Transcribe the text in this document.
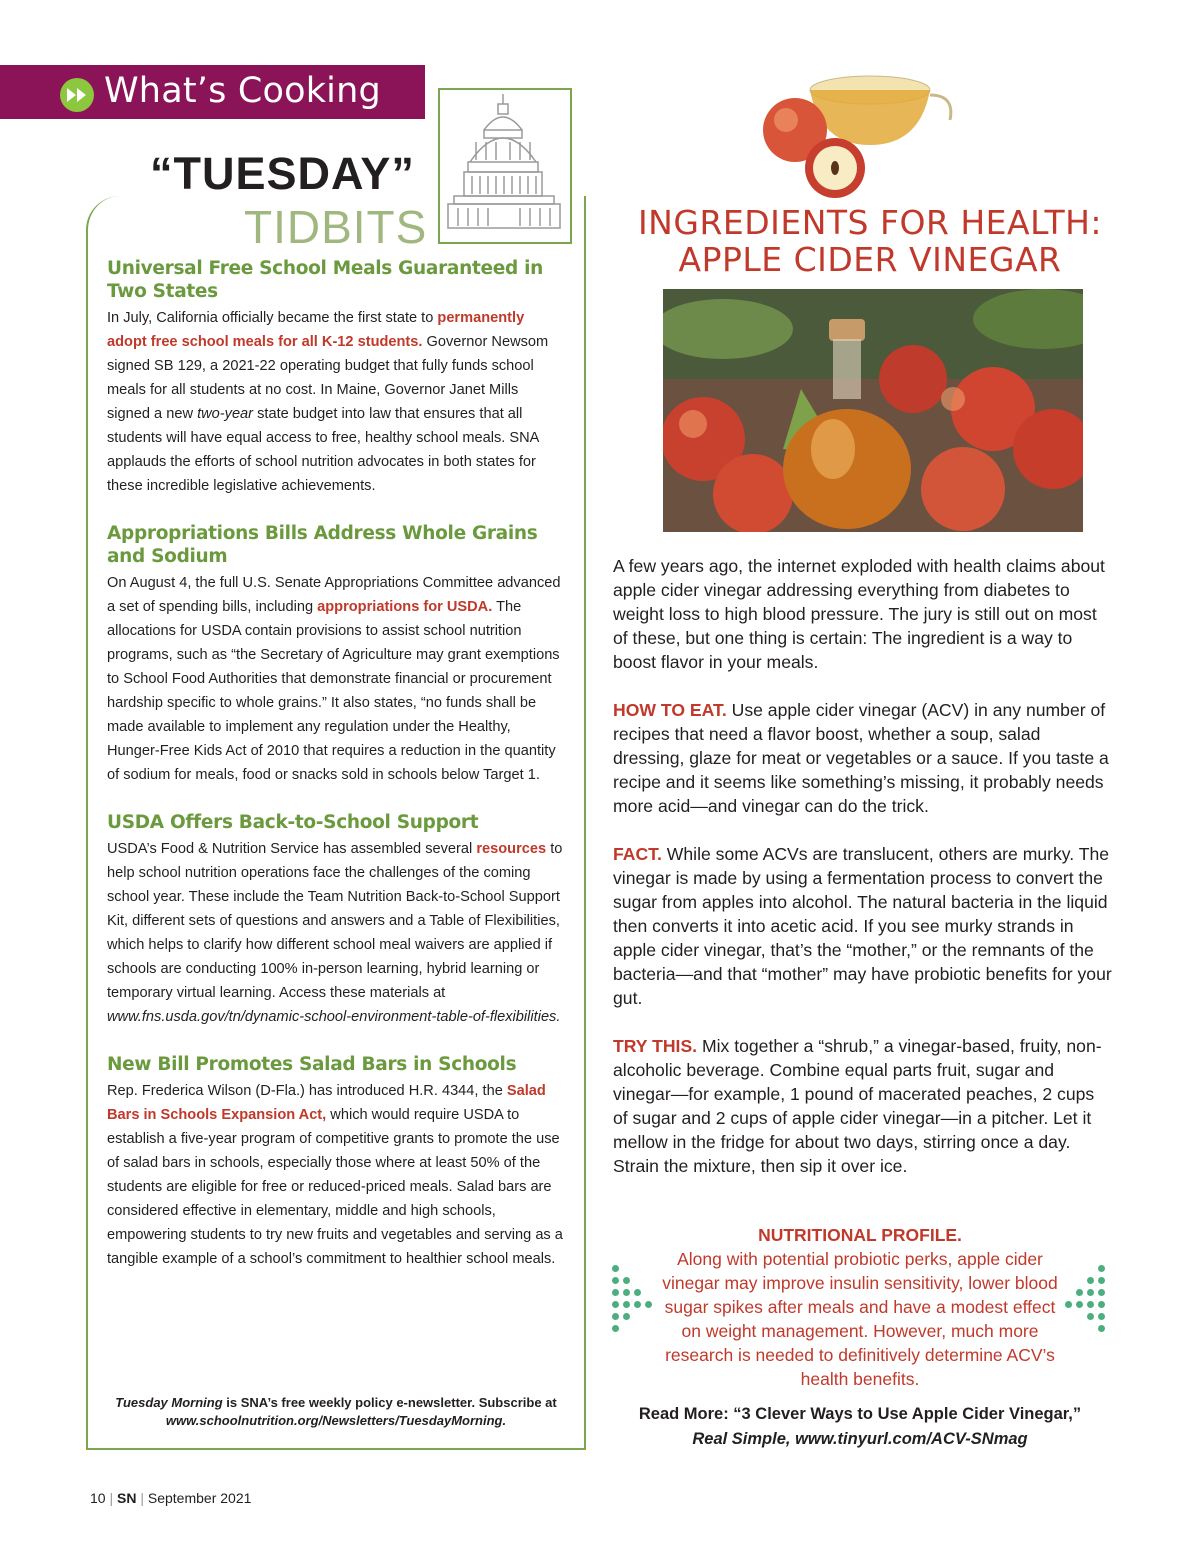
What’s Cooking
“TUESDAY”
TIDBITS
Universal Free School Meals Guaranteed in Two States

In July, California officially became the first state to permanently adopt free school meals for all K-12 students. Governor Newsom signed SB 129, a 2021-22 operating budget that fully funds school meals for all students at no cost. In Maine, Governor Janet Mills signed a new two-year state budget into law that ensures that all students will have equal access to free, healthy school meals. SNA applauds the efforts of school nutrition advocates in both states for these incredible legislative achievements.

Appropriations Bills Address Whole Grains and Sodium

On August 4, the full U.S. Senate Appropriations Committee advanced a set of spending bills, including appropriations for USDA. The allocations for USDA contain provisions to assist school nutrition programs, such as “the Secretary of Agriculture may grant exemptions to School Food Authorities that demonstrate financial or procurement hardship specific to whole grains.” It also states, “no funds shall be made available to implement any regulation under the Healthy, Hunger-Free Kids Act of 2010 that requires a reduction in the quantity of sodium for meals, food or snacks sold in schools below Target 1.

USDA Offers Back-to-School Support

USDA’s Food & Nutrition Service has assembled several resources to help school nutrition operations face the challenges of the coming school year. These include the Team Nutrition Back-to-School Support Kit, different sets of questions and answers and a Table of Flexibilities, which helps to clarify how different school meal waivers are applied if schools are conducting 100% in-person learning, hybrid learning or temporary virtual learning. Access these materials at www.fns.usda.gov/tn/dynamic-school-environment-table-of-flexibilities.

New Bill Promotes Salad Bars in Schools

Rep. Frederica Wilson (D-Fla.) has introduced H.R. 4344, the Salad Bars in Schools Expansion Act, which would require USDA to establish a five-year program of competitive grants to promote the use of salad bars in schools, especially those where at least 50% of the students are eligible for free or reduced-priced meals. Salad bars are considered effective in elementary, middle and high schools, empowering students to try new fruits and vegetables and serving as a tangible example of a school’s commitment to healthier school meals.

Tuesday Morning is SNA’s free weekly policy e-newsletter. Subscribe at www.schoolnutrition.org/Newsletters/TuesdayMorning.
INGREDIENTS FOR HEALTH:
APPLE CIDER VINEGAR

A few years ago, the internet exploded with health claims about apple cider vinegar addressing everything from diabetes to weight loss to high blood pressure. The jury is still out on most of these, but one thing is certain: The ingredient is a way to boost flavor in your meals.

HOW TO EAT. Use apple cider vinegar (ACV) in any number of recipes that need a flavor boost, whether a soup, salad dressing, glaze for meat or vegetables or a sauce. If you taste a recipe and it seems like something’s missing, it probably needs more acid—and vinegar can do the trick.

FACT. While some ACVs are translucent, others are murky. The vinegar is made by using a fermentation process to convert the sugar from apples into alcohol. The natural bacteria in the liquid then converts it into acetic acid. If you see murky strands in apple cider vinegar, that’s the “mother,” or the remnants of the bacteria—and that “mother” may have probiotic benefits for your gut.

TRY THIS. Mix together a “shrub,” a vinegar-based, fruity, non-alcoholic beverage. Combine equal parts fruit, sugar and vinegar—for example, 1 pound of macerated peaches, 2 cups of sugar and 2 cups of apple cider vinegar—in a pitcher. Let it mellow in the fridge for about two days, stirring once a day. Strain the mixture, then sip it over ice.

NUTRITIONAL PROFILE.
Along with potential probiotic perks, apple cider vinegar may improve insulin sensitivity, lower blood sugar spikes after meals and have a modest effect on weight management. However, much more research is needed to definitively determine ACV’s health benefits.
Read More: “3 Clever Ways to Use Apple Cider Vinegar,” Real Simple, www.tinyurl.com/ACV-SNmag
10 | SN | September 2021
